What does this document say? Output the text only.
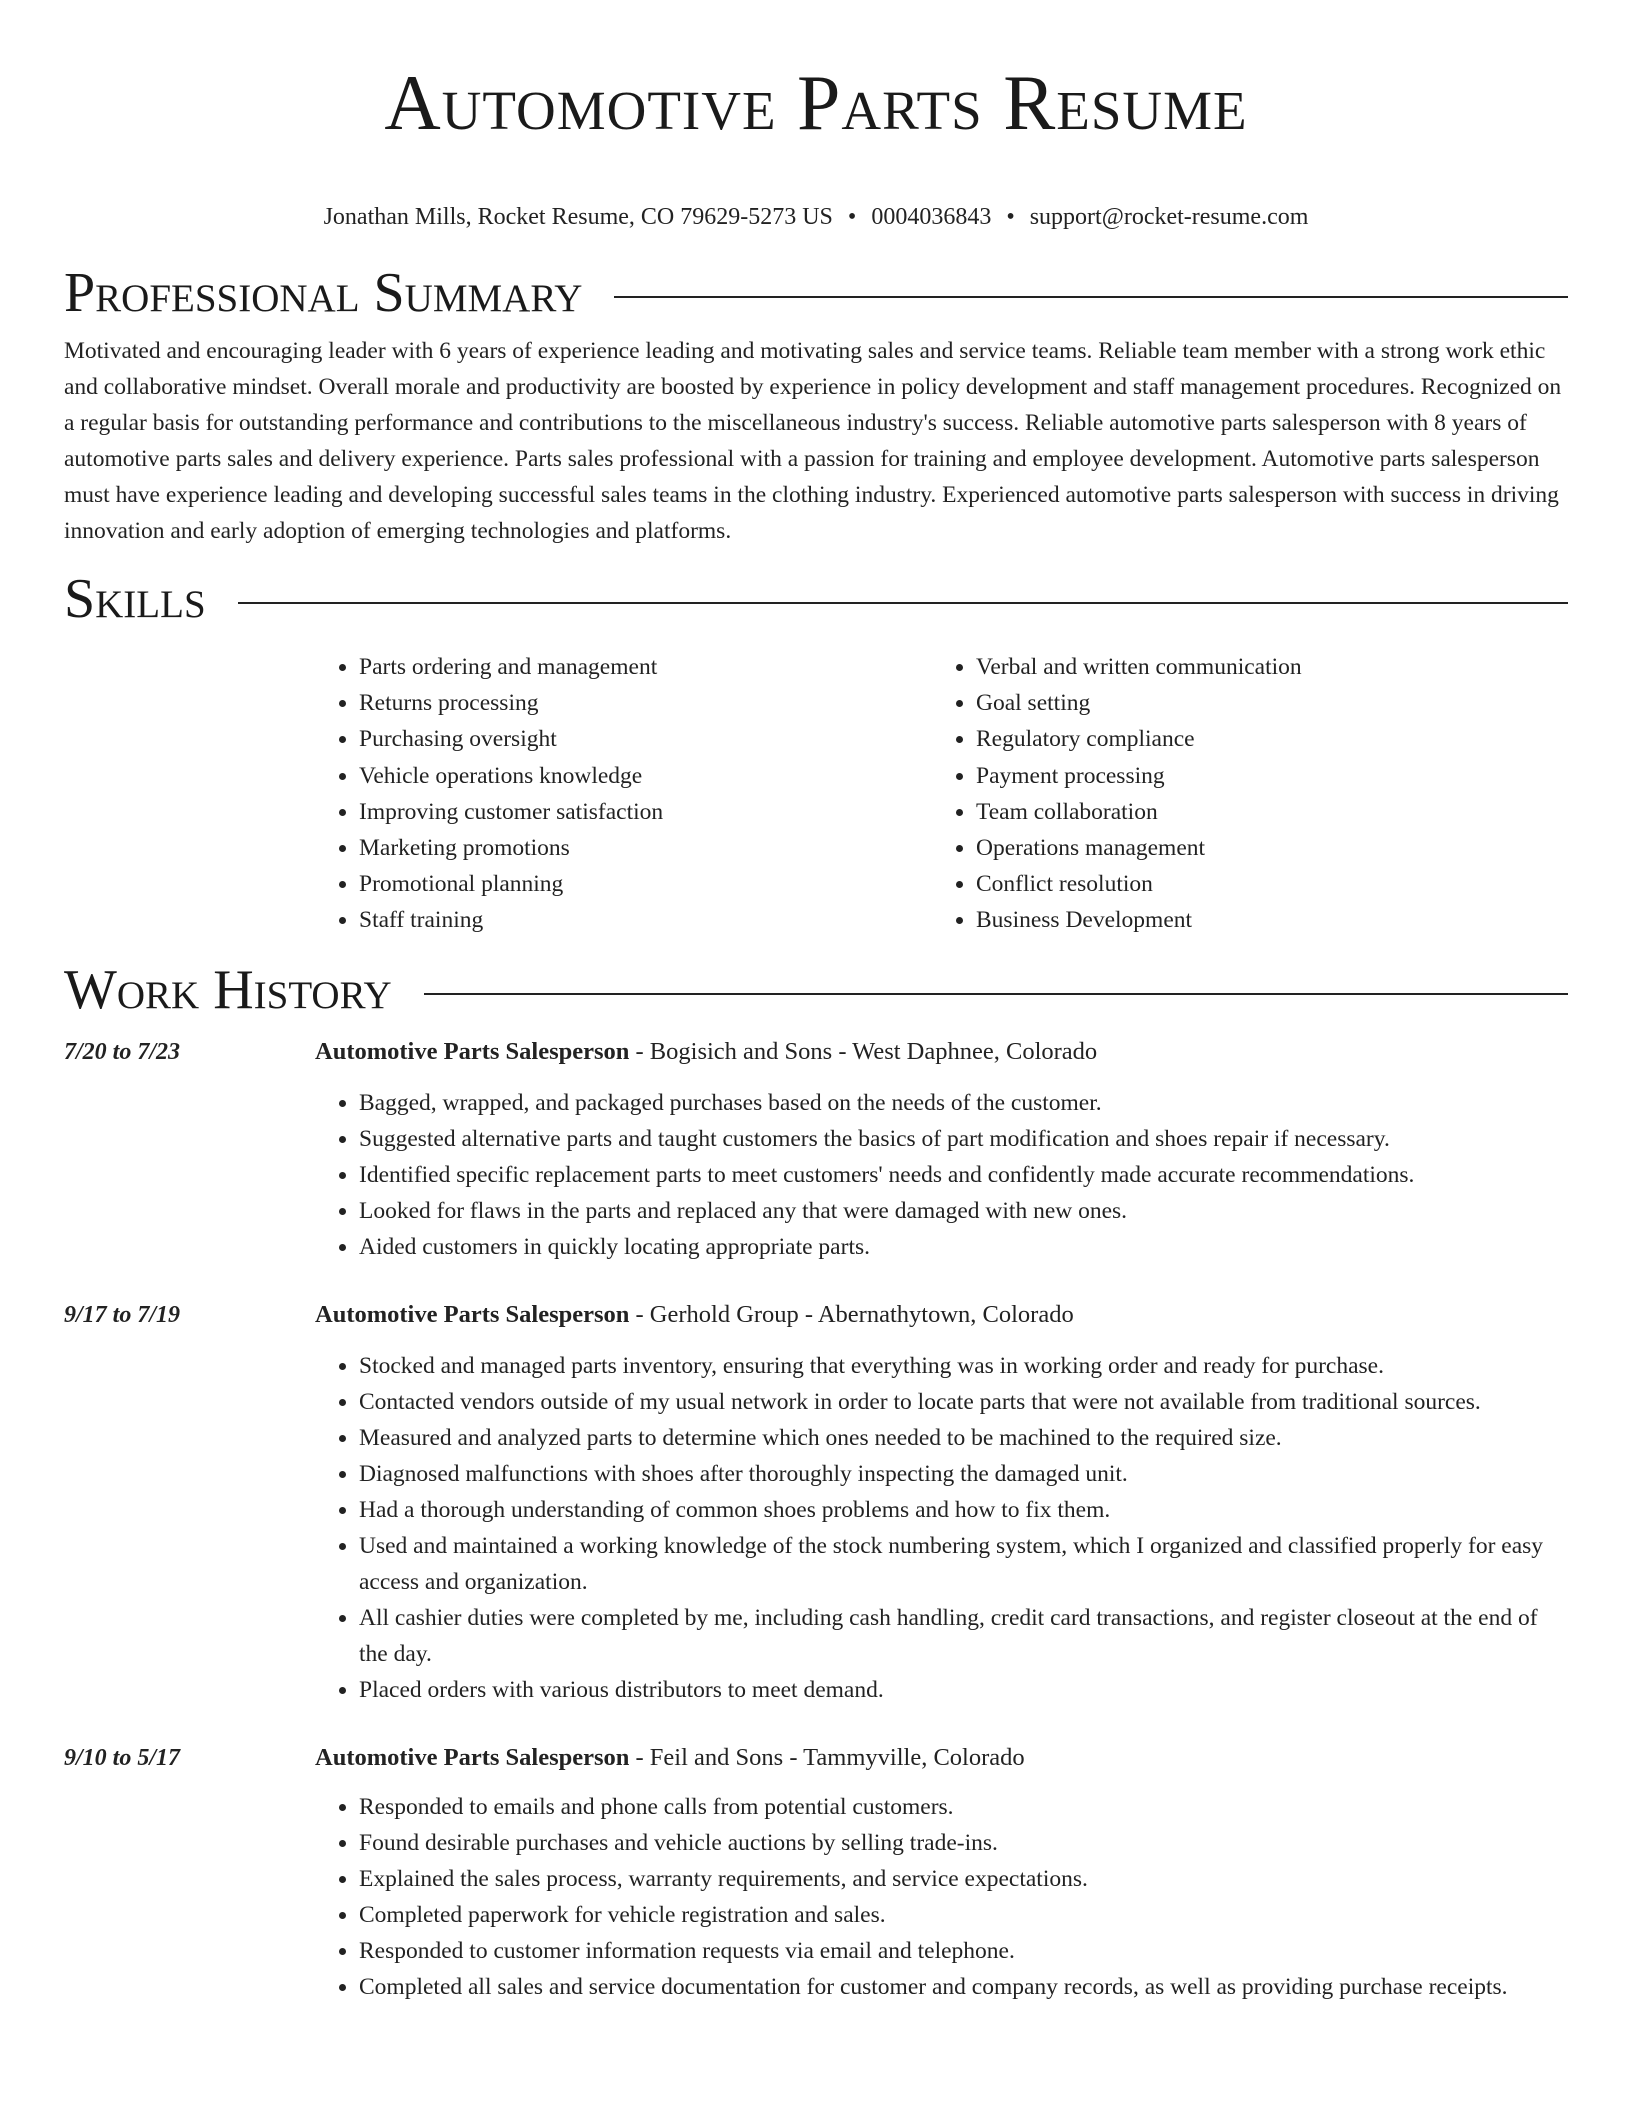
Automotive Parts Resume
Jonathan Mills, Rocket Resume, CO 79629-5273 US • 0004036843 • support@rocket-resume.com
Professional Summary

Motivated and encouraging leader with 6 years of experience leading and motivating sales and service teams. Reliable team member with a strong work ethic and collaborative mindset. Overall morale and productivity are boosted by experience in policy development and staff management procedures. Recognized on a regular basis for outstanding performance and contributions to the miscellaneous industry's success. Reliable automotive parts salesperson with 8 years of automotive parts sales and delivery experience. Parts sales professional with a passion for training and employee development. Automotive parts salesperson must have experience leading and developing successful sales teams in the clothing industry. Experienced automotive parts salesperson with success in driving innovation and early adoption of emerging technologies and platforms.

Skills
• Parts ordering and management
• Returns processing
• Purchasing oversight
• Vehicle operations knowledge
• Improving customer satisfaction
• Marketing promotions
• Promotional planning
• Staff training
• Verbal and written communication
• Goal setting
• Regulatory compliance
• Payment processing
• Team collaboration
• Operations management
• Conflict resolution
• Business Development
Work History
7/20 to 7/23	Automotive Parts Salesperson - Bogisich and Sons - West Daphnee, Colorado
• Bagged, wrapped, and packaged purchases based on the needs of the customer.
• Suggested alternative parts and taught customers the basics of part modification and shoes repair if necessary.
• Identified specific replacement parts to meet customers' needs and confidently made accurate recommendations.
• Looked for flaws in the parts and replaced any that were damaged with new ones.
• Aided customers in quickly locating appropriate parts.
9/17 to 7/19	Automotive Parts Salesperson - Gerhold Group - Abernathytown, Colorado
• Stocked and managed parts inventory, ensuring that everything was in working order and ready for purchase.
• Contacted vendors outside of my usual network in order to locate parts that were not available from traditional sources.
• Measured and analyzed parts to determine which ones needed to be machined to the required size.
• Diagnosed malfunctions with shoes after thoroughly inspecting the damaged unit.
• Had a thorough understanding of common shoes problems and how to fix them.
• Used and maintained a working knowledge of the stock numbering system, which I organized and classified properly for easy access and organization.
• All cashier duties were completed by me, including cash handling, credit card transactions, and register closeout at the end of the day.
• Placed orders with various distributors to meet demand.
9/10 to 5/17	Automotive Parts Salesperson - Feil and Sons - Tammyville, Colorado
• Responded to emails and phone calls from potential customers.
• Found desirable purchases and vehicle auctions by selling trade-ins.
• Explained the sales process, warranty requirements, and service expectations.
• Completed paperwork for vehicle registration and sales.
• Responded to customer information requests via email and telephone.
• Completed all sales and service documentation for customer and company records, as well as providing purchase receipts.
